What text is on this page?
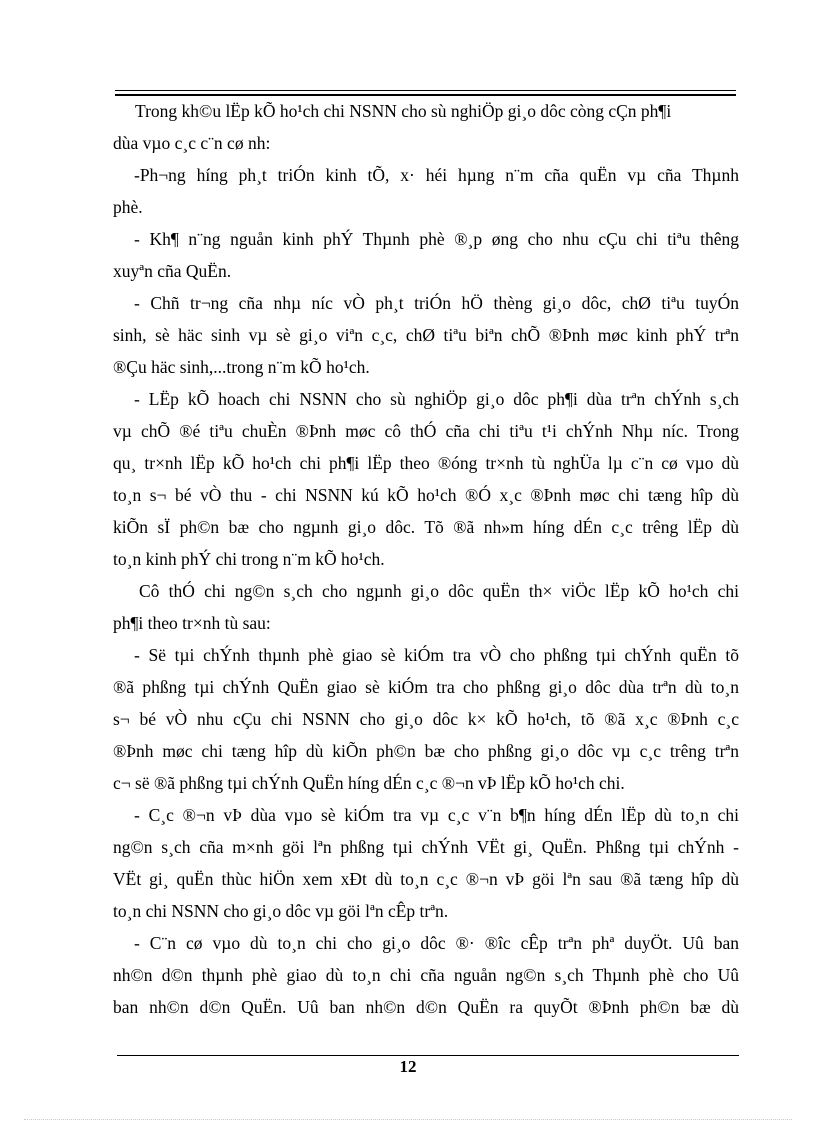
Trong kh©u lËp kÕ ho¹ch chi NSNN cho sù nghiÖp gi¸o dôc còng cÇn ph¶i
dùa vµo c¸c c¨n cø nh:
-Ph¬ng híng ph¸t triÓn kinh tÕ, x· héi hµng n¨m cña quËn vµ cña Thµnh
phè.
- Kh¶ n¨ng nguån kinh phÝ Thµnh phè ®¸p øng cho nhu cÇu chi tiªu thêng
xuyªn cña QuËn.
- Chñ tr¬ng cña nhµ níc vÒ ph¸t triÓn hÖ thèng gi¸o dôc, chØ tiªu tuyÓn
sinh, sè häc sinh vµ sè gi¸o viªn c¸c, chØ tiªu biªn chÕ ®Þnh møc kinh phÝ trªn
®Çu häc sinh,...trong n¨m kÕ ho¹ch.
- LËp kÕ hoach chi NSNN cho sù nghiÖp gi¸o dôc ph¶i dùa trªn chÝnh s¸ch
vµ chÕ ®é tiªu chuÈn ®Þnh møc cô thÓ cña chi tiªu t¹i chÝnh Nhµ níc. Trong
qu¸ tr×nh lËp kÕ ho¹ch chi ph¶i lËp theo ®óng tr×nh tù nghÜa lµ c¨n cø vµo dù
to¸n s¬ bé vÒ thu - chi NSNN kú kÕ ho¹ch ®Ó x¸c ®Þnh møc chi tæng hîp dù
kiÕn sÏ ph©n bæ cho ngµnh gi¸o dôc. Tõ ®ã nh»m híng dÉn c¸c trêng lËp dù
to¸n kinh phÝ chi trong n¨m kÕ ho¹ch.
Cô thÓ chi ng©n s¸ch cho ngµnh gi¸o dôc quËn th× viÖc lËp kÕ ho¹ch chi
ph¶i theo tr×nh tù sau:
- Së tµi chÝnh thµnh phè giao sè kiÓm tra vÒ cho phßng tµi chÝnh quËn tõ
®ã phßng tµi chÝnh QuËn giao sè kiÓm tra cho phßng gi¸o dôc dùa trªn dù to¸n
s¬ bé vÒ nhu cÇu chi NSNN cho gi¸o dôc k× kÕ ho¹ch, tõ ®ã x¸c ®Þnh c¸c
®Þnh møc chi tæng hîp dù kiÕn ph©n bæ cho phßng gi¸o dôc vµ c¸c trêng trªn
c¬ së ®ã phßng tµi chÝnh QuËn híng dÉn c¸c ®¬n vÞ lËp kÕ ho¹ch chi.
- C¸c ®¬n vÞ dùa vµo sè kiÓm tra vµ c¸c v¨n b¶n híng dÉn lËp dù to¸n chi
ng©n s¸ch cña m×nh göi lªn phßng tµi chÝnh VËt gi¸ QuËn. Phßng tµi chÝnh -
VËt gi¸ quËn thùc hiÖn xem xÐt dù to¸n c¸c ®¬n vÞ göi lªn sau ®ã tæng hîp dù
to¸n chi NSNN cho gi¸o dôc vµ göi lªn cÊp trªn.
- C¨n cø vµo dù to¸n chi cho gi¸o dôc ®· ®îc cÊp trªn phª duyÖt. Uû ban
nh©n d©n thµnh phè giao dù to¸n chi cña nguån ng©n s¸ch Thµnh phè cho Uû
ban nh©n d©n QuËn. Uû ban nh©n d©n QuËn ra quyÕt ®Þnh ph©n bæ dù
12
